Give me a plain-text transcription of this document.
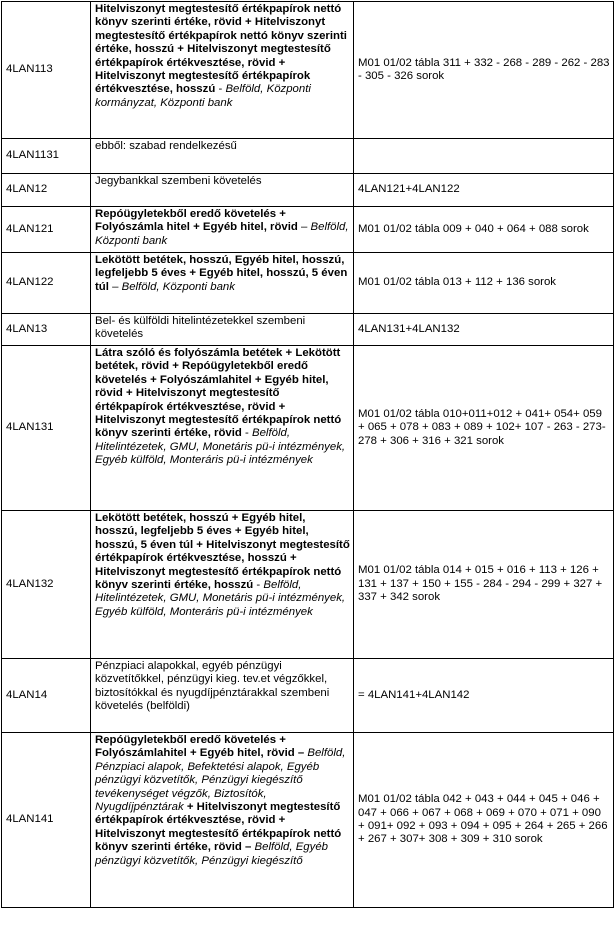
4LAN113	Hitelviszonyt megtestesítő értékpapírok nettó könyv szerinti értéke, rövid + Hitelviszonyt megtestesítő értékpapírok nettó könyv szerinti értéke, hosszú + Hitelviszonyt megtestesítő értékpapírok értékvesztése, rövid + Hitelviszonyt megtestesítő értékpapírok értékvesztése, hosszú - Belföld, Központi kormányzat, Központi bank	M01 01/02 tábla 311 + 332 - 268 - 289 - 262 - 283 - 305 - 326 sorok
4LAN1131	ebből: szabad rendelkezésű	
4LAN12	Jegybankkal szembeni követelés	4LAN121+4LAN122
4LAN121	Repóügyletekből eredő követelés + Folyószámla hitel + Egyéb hitel, rövid – Belföld, Központi bank	M01 01/02 tábla 009 + 040 + 064 + 088 sorok
4LAN122	Lekötött betétek, hosszú, Egyéb hitel, hosszú, legfeljebb 5 éves + Egyéb hitel, hosszú, 5 éven túl – Belföld, Központi bank	M01 01/02 tábla 013 + 112 + 136 sorok
4LAN13	Bel- és külföldi hitelintézetekkel szembeni követelés	4LAN131+4LAN132
4LAN131	Látra szóló és folyószámla betétek + Lekötött betétek, rövid + Repóügyletekből eredő követelés + Folyószámlahitel + Egyéb hitel, rövid + Hitelviszonyt megtestesítő értékpapírok értékvesztése, rövid + Hitelviszonyt megtestesítő értékpapírok nettó könyv szerinti értéke, rövid - Belföld, Hitelintézetek, GMU, Monetáris pü-i intézmények, Egyéb külföld, Monteráris pü-i intézmények	M01 01/02 tábla 010+011+012 + 041+ 054+ 059 + 065 + 078 + 083 + 089 + 102+ 107 - 263 - 273- 278 + 306 + 316 + 321 sorok
4LAN132	Lekötött betétek, hosszú + Egyéb hitel, hosszú, legfeljebb 5 éves + Egyéb hitel, hosszú, 5 éven túl + Hitelviszonyt megtestesítő értékpapírok értékvesztése, hosszú + Hitelviszonyt megtestesítő értékpapírok nettó könyv szerinti értéke, hosszú - Belföld, Hitelintézetek, GMU, Monetáris pü-i intézmények, Egyéb külföld, Monteráris pü-i intézmények	M01 01/02 tábla 014 + 015 + 016 + 113 + 126 + 131 + 137 + 150 + 155 - 284 - 294 - 299 + 327 + 337 + 342 sorok
4LAN14	Pénzpiaci alapokkal, egyéb pénzügyi közvetítőkkel, pénzügyi kieg. tev.et végzőkkel, biztosítókkal és nyugdíjpénztárakkal szembeni követelés (belföldi)	= 4LAN141+4LAN142
4LAN141	Repóügyletekből eredő követelés + Folyószámlahitel + Egyéb hitel, rövid – Belföld, Pénzpiaci alapok, Befektetési alapok, Egyéb pénzügyi közvetítők, Pénzügyi kiegészítő tevékenységet végzők, Biztosítók, Nyugdíjpénztárak + Hitelviszonyt megtestesítő értékpapírok értékvesztése, rövid + Hitelviszonyt megtestesítő értékpapírok nettó könyv szerinti értéke, rövid – Belföld, Egyéb pénzügyi közvetítők, Pénzügyi kiegészítő	M01 01/02 tábla 042 + 043 + 044 + 045 + 046 + 047 + 066 + 067 + 068 + 069 + 070 + 071 + 090 + 091+ 092 + 093 + 094 + 095 + 264 + 265 + 266 + 267 + 307+ 308 + 309 + 310 sorok
